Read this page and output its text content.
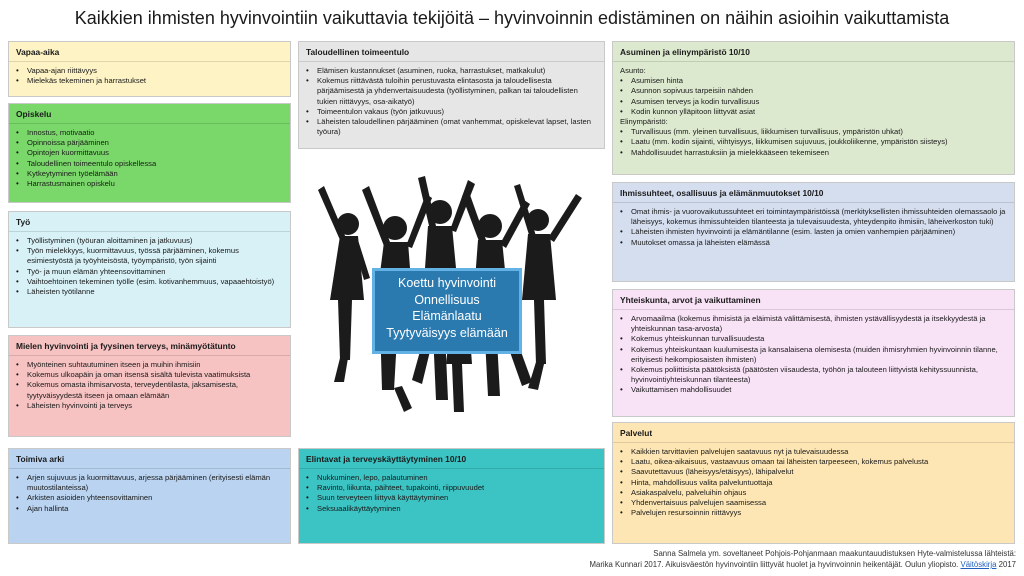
Kaikkien ihmisten hyvinvointiin vaikuttavia tekijöitä – hyvinvoinnin edistäminen on näihin asioihin vaikuttamista
Vapaa-aika
• Vapaa-ajan riittävyys
• Mielekäs tekeminen ja harrastukset
Opiskelu
• Innostus, motivaatio
• Opinnoissa pärjääminen
• Opintojen kuormittavuus
• Taloudellinen toimeentulo opiskellessa
• Kytkeytyminen työelämään
• Harrastusmainen opiskelu
Työ
• Työllistyminen (työuran aloittaminen ja jatkuvuus)
• Työn mielekkyys, kuormittavuus, työssä pärjääminen, kokemus esimiestyöstä ja työyhteisöstä, työympäristö, työn sijainti
• Työ- ja muun elämän yhteensovittaminen
• Vaihtoehtoinen tekeminen työlle (esim. kotivanhemmuus, vapaaehtoistyö)
• Läheisten työtilanne
Mielen hyvinvointi ja fyysinen terveys, minämyötätunto
• Myönteinen suhtautuminen itseen ja muihin ihmisiin
• Kokemus ulkoapäin ja oman itsensä sisältä tulevista vaatimuksista
• Kokemus omasta ihmisarvosta, terveydentilasta, jaksamisesta, tyytyväisyydestä itseen ja omaan elämään
• Läheisten hyvinvointi ja terveys
Toimiva arki
• Arjen sujuvuus ja kuormittavuus, arjessa pärjääminen (erityisesti elämän muutostilanteissa)
• Arkisten asioiden yhteensovittaminen
• Ajan hallinta
Taloudellinen toimeentulo
• Elämisen kustannukset (asuminen, ruoka, harrastukset, matkakulut)
• Kokemus riittävästä tuloihin perustuvasta elintasosta ja taloudellisesta pärjäämisestä ja yhdenvertaisuudesta (työllistyminen, palkan tai taloudellisten tukien riittävyys, osa-aikatyö)
• Toimeentulon vakaus (työn jatkuvuus)
• Läheisten taloudellinen pärjääminen (omat vanhemmat, opiskelevat lapset, lasten työura)
Koettu hyvinvointi
Onnellisuus
Elämänlaatu
Tyytyväisyys elämään
Elintavat ja terveyskäyttäytyminen 10/10
• Nukkuminen, lepo, palautuminen
• Ravinto, liikunta, päihteet, tupakointi, riippuvuudet
• Suun terveyteen liittyvä käyttäytyminen
• Seksuaalikäyttäytyminen
Asuminen ja elinympäristö 10/10
Asunto:
• Asumisen hinta
• Asunnon sopivuus tarpeisiin nähden
• Asumisen terveys ja kodin turvallisuus
• Kodin kunnon ylläpitoon liittyvät asiat
Elinympäristö:
• Turvallisuus (mm. yleinen turvallisuus, liikkumisen turvallisuus, ympäristön uhkat)
• Laatu (mm. kodin sijainti, viihtyisyys, liikkumisen sujuvuus, joukkoliikenne, ympäristön siisteys)
• Mahdollisuudet harrastuksiin ja mielekkääseen tekemiseen
Ihmissuhteet, osallisuus ja elämänmuutokset 10/10
• Omat ihmis- ja vuorovaikutussuhteet eri toimintaympäristöissä (merkityksellisten ihmissuhteiden olemassaolo ja läheisyys, kokemus ihmissuhteiden tilanteesta ja tulevaisuudesta, yhteydenpito ihmisiin, läheiverkoston tuki)
• Läheisten ihmisten hyvinvointi ja elämäntilanne (esim. lasten ja omien vanhempien pärjääminen)
• Muutokset omassa ja läheisten elämässä
Yhteiskunta, arvot ja vaikuttaminen
• Arvomaailma (kokemus ihmisistä ja eläimistä välittämisestä, ihmisten ystävällisyydestä ja itsekkyydestä ja yhteiskunnan tasa-arvosta)
• Kokemus yhteiskunnan turvallisuudesta
• Kokemus yhteiskuntaan kuulumisesta ja kansalaisena olemisesta (muiden ihmisryhmien hyvinvoinnin tilanne, erityisesti heikompiosaisten ihmisten)
• Kokemus poliittisista päätöksistä (päätösten viisaudesta, työhön ja talouteen liittyvistä kehityssuunnista, hyvinvointiyhteiskunnan tilanteesta)
• Vaikuttamisen mahdollisuudet
Palvelut
• Kaikkien tarvittavien palvelujen saatavuus nyt ja tulevaisuudessa
• Laatu, oikea-aikaisuus, vastaavuus omaan tai läheisten tarpeeseen, kokemus palvelusta
• Saavutettavuus (läheisyys/etäisyys), lähipalvelut
• Hinta, mahdollisuus valita palveluntuottaja
• Asiakaspalvelu, palveluihin ohjaus
• Yhdenvertaisuus palvelujen saamisessa
• Palvelujen resursoinnin riittävyys
Sanna Salmela ym. soveltaneet Pohjois-Pohjanmaan maakuntauudistuksen Hyte-valmistelussa lähteistä:
Marika Kunnari 2017. Aikuisväestön hyvinvointiin liittyvät huolet ja hyvinvoinnin heikentäjät. Oulun yliopisto. Väitöskirja 2017
